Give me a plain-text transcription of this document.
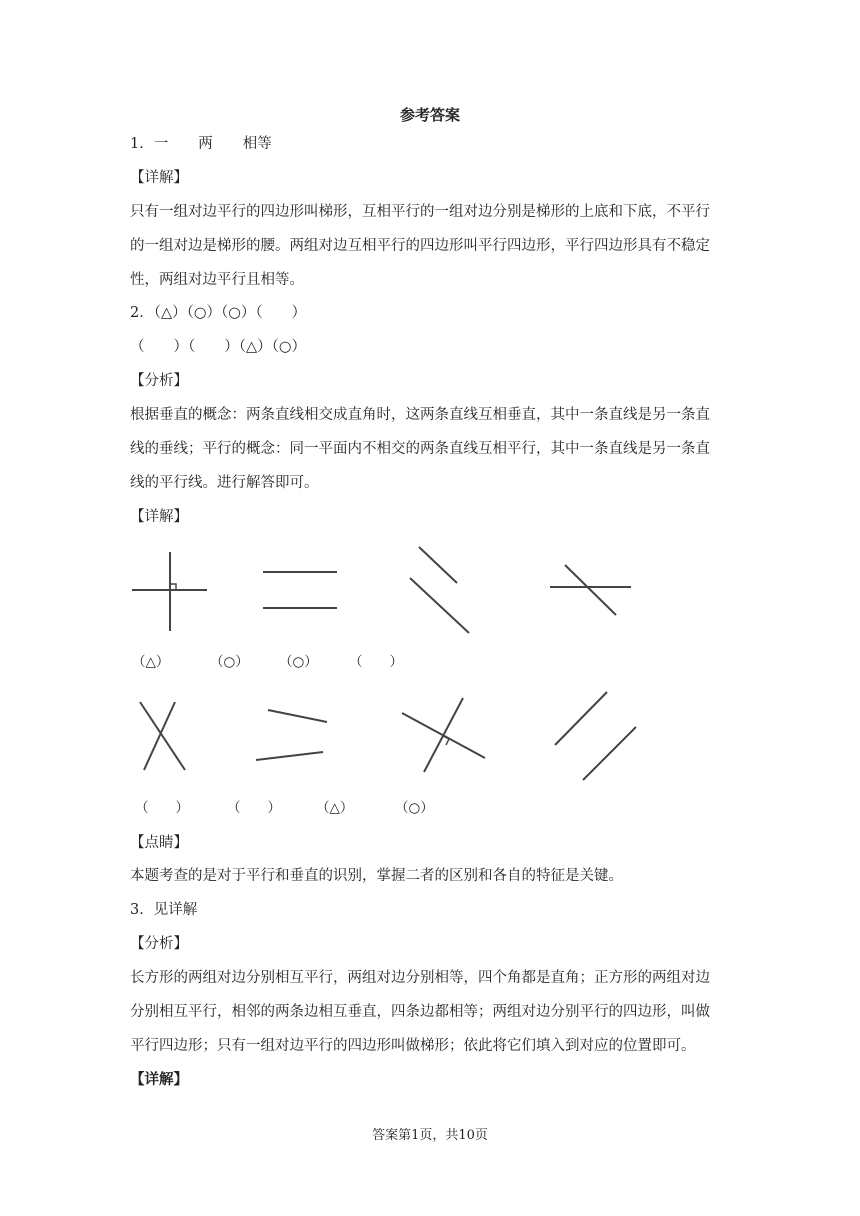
参考答案
1．一 两 相等
【详解】
只有一组对边平行的四边形叫梯形，互相平行的一组对边分别是梯形的上底和下底，不平行
的一组对边是梯形的腰。两组对边互相平行的四边形叫平行四边形，平行四边形具有不稳定
性，两组对边平行且相等。
2．（△）（○）（○）（　　）
（　　）（　　）（△）（○）
【分析】
根据垂直的概念：两条直线相交成直角时，这两条直线互相垂直，其中一条直线是另一条直
线的垂线；平行的概念：同一平面内不相交的两条直线互相平行，其中一条直线是另一条直
线的平行线。进行解答即可。
【详解】
（△）	（○） （○） （　　）
（　　）	（　　）	（△）	（○）
【点睛】
本题考查的是对于平行和垂直的识别，掌握二者的区别和各自的特征是关键。
3．见详解
【分析】
长方形的两组对边分别相互平行，两组对边分别相等，四个角都是直角；正方形的两组对边
分别相互平行，相邻的两条边相互垂直，四条边都相等；两组对边分别平行的四边形，叫做
平行四边形；只有一组对边平行的四边形叫做梯形；依此将它们填入到对应的位置即可。
【详解】
答案第1页，共10页
